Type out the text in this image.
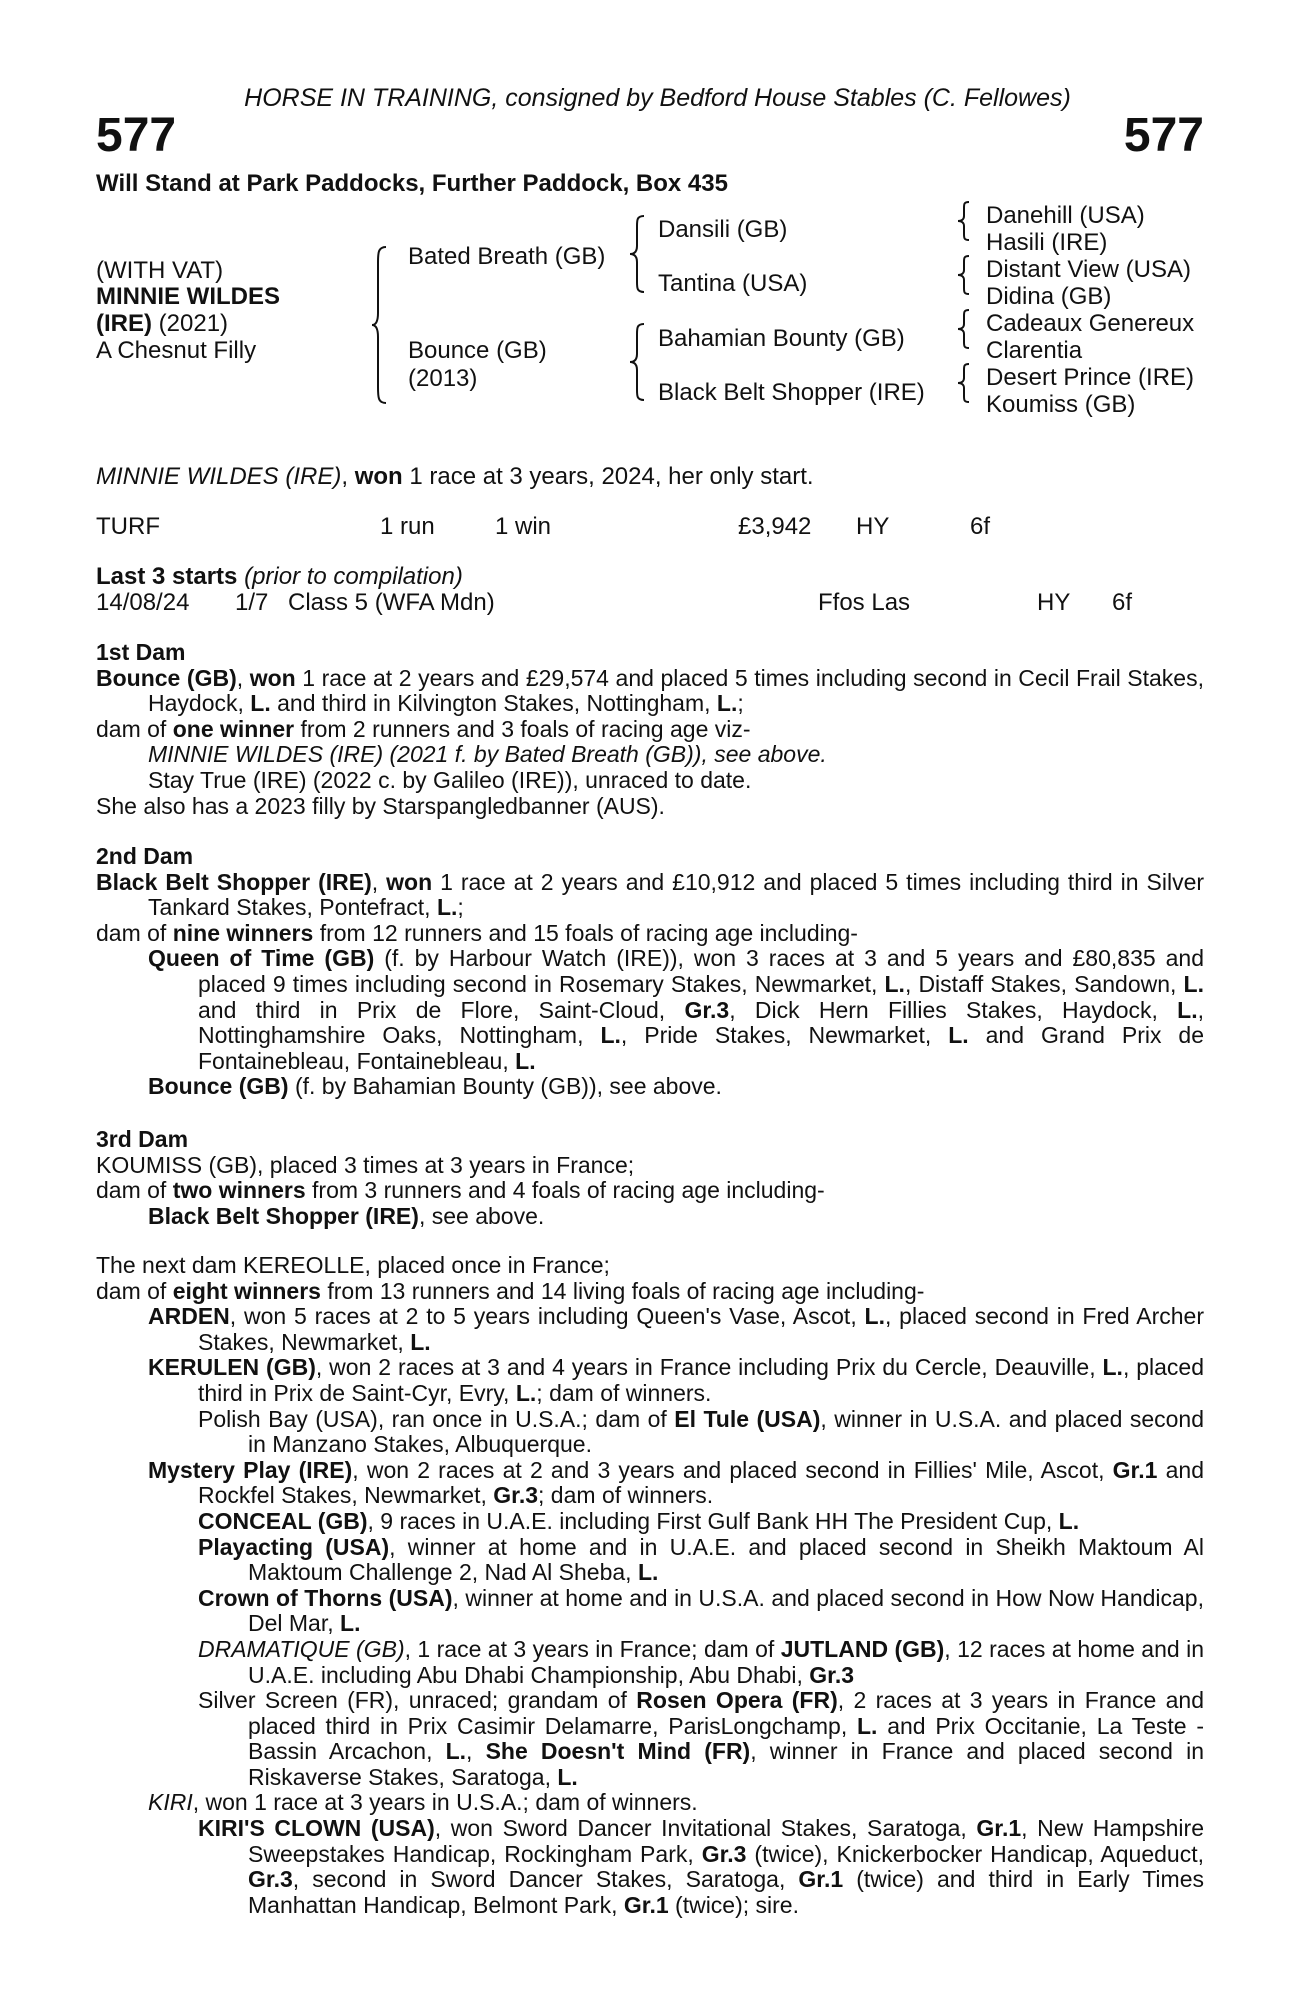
HORSE IN TRAINING, consigned by Bedford House Stables (C. Fellowes)
577	577
Will Stand at Park Paddocks, Further Paddock, Box 435
(WITH VAT)
MINNIE WILDES
(IRE) (2021)
A Chesnut Filly
Bated Breath (GB)
Bounce (GB)
(2013)
Dansili (GB)
Tantina (USA)
Bahamian Bounty (GB)
Black Belt Shopper (IRE)
Danehill (USA)
Hasili (IRE)
Distant View (USA)
Didina (GB)
Cadeaux Genereux
Clarentia
Desert Prince (IRE)
Koumiss (GB)
MINNIE WILDES (IRE), won 1 race at 3 years, 2024, her only start.
TURF	1 run	1 win	£3,942 HY	6f
Last 3 starts (prior to compilation)
14/08/24 1/7 Class 5 (WFA Mdn)	Ffos Las	HY 6f

1st Dam

Bounce (GB), won 1 race at 2 years and £29,574 and placed 5 times including second in Cecil Frail Stakes, Haydock, L. and third in Kilvington Stakes, Nottingham, L.;

dam of one winner from 2 runners and 3 foals of racing age viz-

MINNIE WILDES (IRE) (2021 f. by Bated Breath (GB)), see above.

Stay True (IRE) (2022 c. by Galileo (IRE)), unraced to date.

She also has a 2023 filly by Starspangledbanner (AUS).

2nd Dam

Black Belt Shopper (IRE), won 1 race at 2 years and £10,912 and placed 5 times including third in Silver Tankard Stakes, Pontefract, L.;

dam of nine winners from 12 runners and 15 foals of racing age including-

Queen of Time (GB) (f. by Harbour Watch (IRE)), won 3 races at 3 and 5 years and £80,835 and placed 9 times including second in Rosemary Stakes, Newmarket, L., Distaff Stakes, Sandown, L. and third in Prix de Flore, Saint-Cloud, Gr.3, Dick Hern Fillies Stakes, Haydock, L., Nottinghamshire Oaks, Nottingham, L., Pride Stakes, Newmarket, L. and Grand Prix de Fontainebleau, Fontainebleau, L.

Bounce (GB) (f. by Bahamian Bounty (GB)), see above.

3rd Dam

KOUMISS (GB), placed 3 times at 3 years in France;

dam of two winners from 3 runners and 4 foals of racing age including-

Black Belt Shopper (IRE), see above.

The next dam KEREOLLE, placed once in France;

dam of eight winners from 13 runners and 14 living foals of racing age including-

ARDEN, won 5 races at 2 to 5 years including Queen's Vase, Ascot, L., placed second in Fred Archer Stakes, Newmarket, L.

KERULEN (GB), won 2 races at 3 and 4 years in France including Prix du Cercle, Deauville, L., placed third in Prix de Saint-Cyr, Evry, L.; dam of winners.

Polish Bay (USA), ran once in U.S.A.; dam of El Tule (USA), winner in U.S.A. and placed second in Manzano Stakes, Albuquerque.

Mystery Play (IRE), won 2 races at 2 and 3 years and placed second in Fillies' Mile, Ascot, Gr.1 and Rockfel Stakes, Newmarket, Gr.3; dam of winners.

CONCEAL (GB), 9 races in U.A.E. including First Gulf Bank HH The President Cup, L.

Playacting (USA), winner at home and in U.A.E. and placed second in Sheikh Maktoum Al Maktoum Challenge 2, Nad Al Sheba, L.

Crown of Thorns (USA), winner at home and in U.S.A. and placed second in How Now Handicap, Del Mar, L.

DRAMATIQUE (GB), 1 race at 3 years in France; dam of JUTLAND (GB), 12 races at home and in U.A.E. including Abu Dhabi Championship, Abu Dhabi, Gr.3

Silver Screen (FR), unraced; grandam of Rosen Opera (FR), 2 races at 3 years in France and placed third in Prix Casimir Delamarre, ParisLongchamp, L. and Prix Occitanie, La Teste - Bassin Arcachon, L., She Doesn't Mind (FR), winner in France and placed second in Riskaverse Stakes, Saratoga, L.

KIRI, won 1 race at 3 years in U.S.A.; dam of winners.

KIRI'S CLOWN (USA), won Sword Dancer Invitational Stakes, Saratoga, Gr.1, New Hampshire Sweepstakes Handicap, Rockingham Park, Gr.3 (twice), Knickerbocker Handicap, Aqueduct, Gr.3, second in Sword Dancer Stakes, Saratoga, Gr.1 (twice) and third in Early Times Manhattan Handicap, Belmont Park, Gr.1 (twice); sire.
